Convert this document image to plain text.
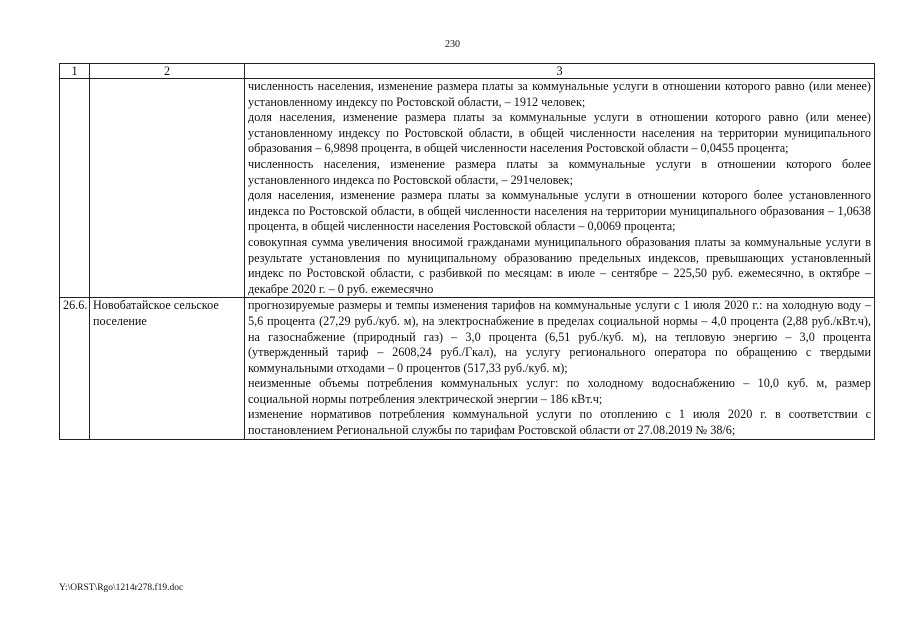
230
1	2	3

		численность населения, изменение размера платы за коммунальные услуги в отношении которого равно (или менее) установленному индексу по Ростовской области, – 1912 человек;
доля населения, изменение размера платы за коммунальные услуги в отношении которого равно (или менее) установленному индексу по Ростовской области, в общей численности населения на территории муниципального образования – 6,9898 процента, в общей численности населения Ростовской области – 0,0455 процента;
численность населения, изменение размера платы за коммунальные услуги в отношении которого более установленного индекса по Ростовской области, – 291человек;
доля населения, изменение размера платы за коммунальные услуги в отношении которого более установленного индекса по Ростовской области, в общей численности населения на территории муниципального образования – 1,0638 процента, в общей численности населения Ростовской области – 0,0069 процента;
совокупная сумма увеличения вносимой гражданами муниципального образования платы за коммунальные услуги в результате установления по муниципальному образованию предельных индексов, превышающих установленный индекс по Ростовской области, с разбивкой по месяцам: в июле – сентябре – 225,50 руб. ежемесячно, в октябре – декабре 2020 г. – 0 руб. ежемесячно

26.6.	Новобатайское сельское поселение	прогнозируемые размеры и темпы изменения тарифов на коммунальные услуги с 1 июля 2020 г.: на холодную воду – 5,6 процента (27,29 руб./куб. м), на электроснабжение в пределах социальной нормы – 4,0 процента (2,88 руб./кВт.ч), на газоснабжение (природный газ) – 3,0 процента (6,51 руб./куб. м), на тепловую энергию – 3,0 процента (утвержденный тариф – 2608,24 руб./Гкал), на услугу регионального оператора по обращению с твердыми коммунальными отходами – 0 процентов (517,33 руб./куб. м);
неизменные объемы потребления коммунальных услуг: по холодному водоснабжению – 10,0 куб. м, размер социальной нормы потребления электрической энергии – 186 кВт.ч;
изменение нормативов потребления коммунальной услуги по отоплению с 1 июля 2020 г. в соответствии с постановлением Региональной службы по тарифам Ростовской области от 27.08.2019 № 38/6;
Y:\ORST\Rgo\1214r278.f19.doc
